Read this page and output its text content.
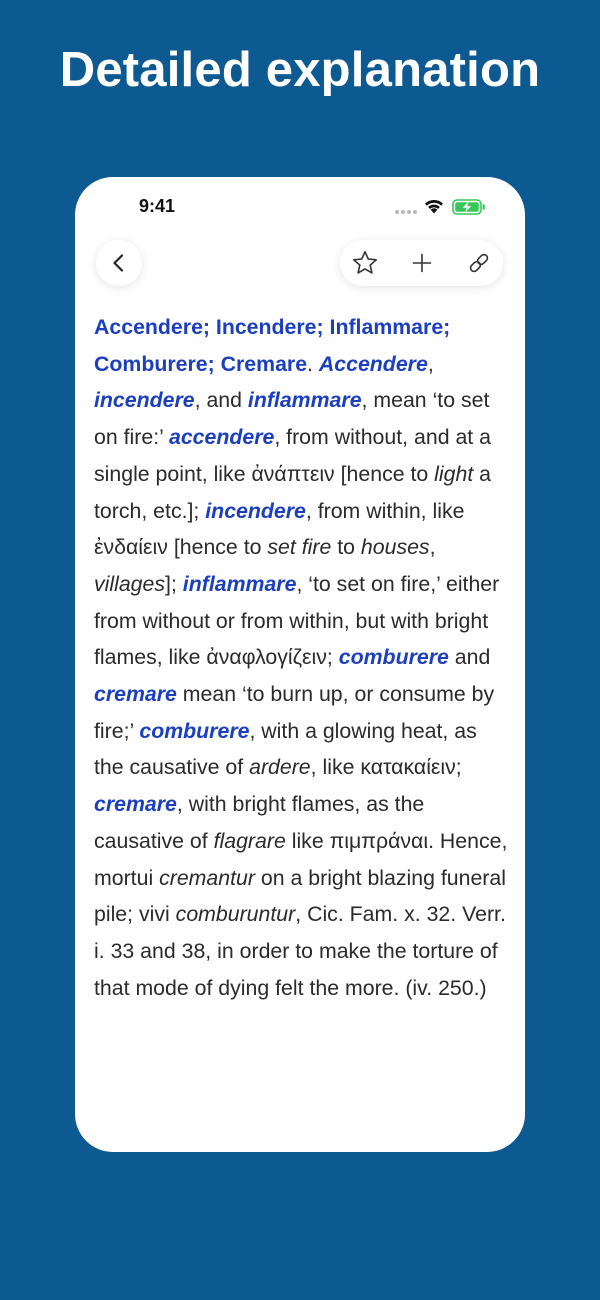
Detailed explanation
9:41
Accendere; Incendere; Inflammare; Comburere; Cremare. Accendere, incendere, and inflammare, mean ‘to set on fire:’ accendere, from without, and at a single point, like ἀνάπτειν [hence to light a torch, etc.]; incendere, from within, like ἐνδαίειν [hence to set fire to houses, villages]; inflammare, ‘to set on fire,’ either from without or from within, but with bright flames, like ἀναφλογίζειν; comburere and cremare mean ‘to burn up, or consume by fire;’ comburere, with a glowing heat, as the causative of ardere, like κατακαίειν; cremare, with bright flames, as the causative of flagrare like πιμπράναι. Hence, mortui cremantur on a bright blazing funeral pile; vivi comburuntur, Cic. Fam. x. 32. Verr. i. 33 and 38, in order to make the torture of that mode of dying felt the more. (iv. 250.)
